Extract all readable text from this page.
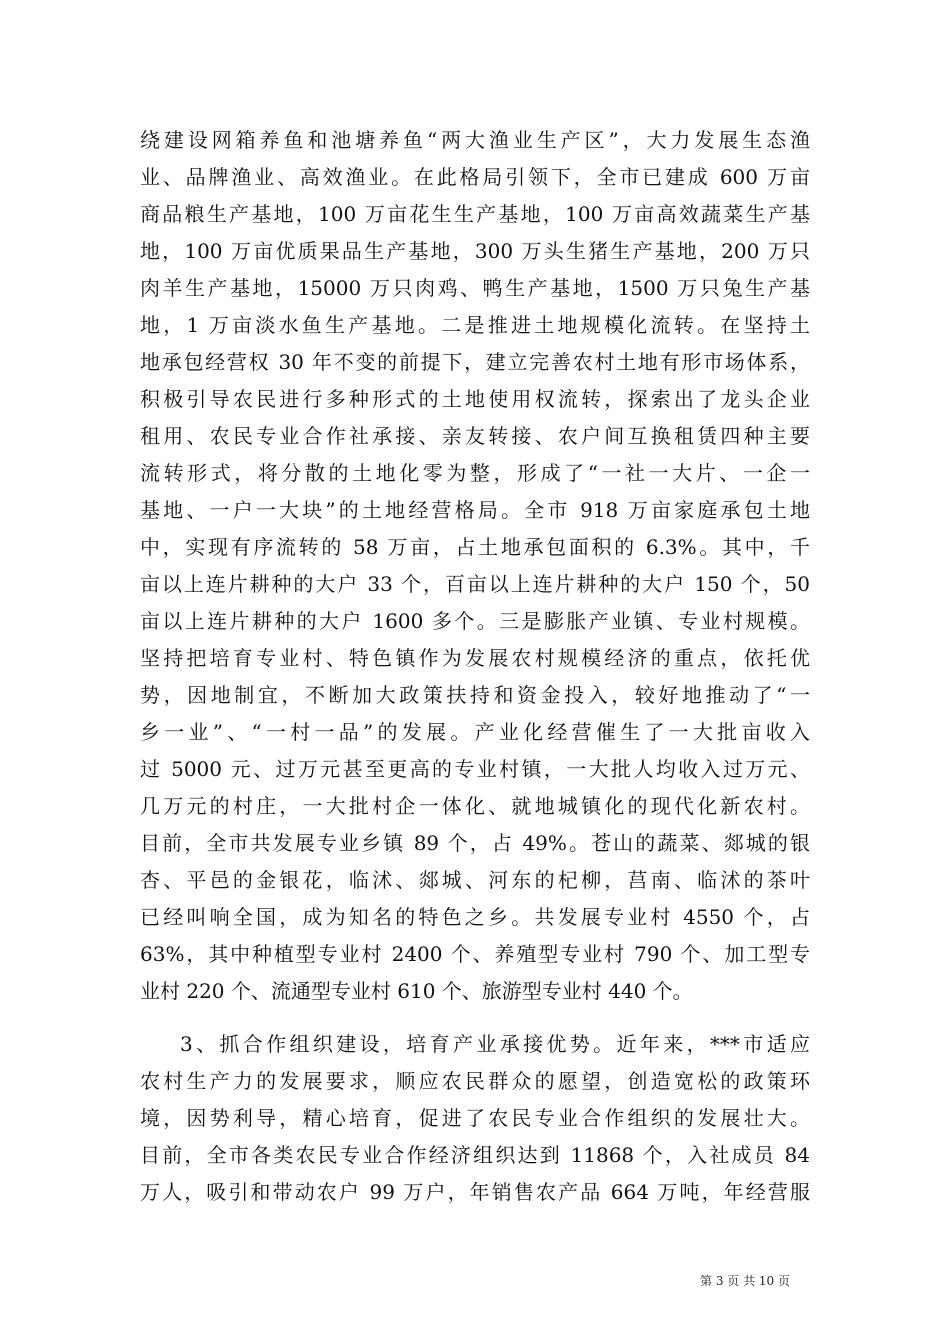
绕建设网箱养鱼和池塘养鱼“两大渔业生产区”，大力发展生态渔
业、品牌渔业、高效渔业。在此格局引领下，全市已建成 600 万亩
商品粮生产基地，100 万亩花生生产基地，100 万亩高效蔬菜生产基
地，100 万亩优质果品生产基地，300 万头生猪生产基地，200 万只
肉羊生产基地，15000 万只肉鸡、鸭生产基地，1500 万只兔生产基
地，1 万亩淡水鱼生产基地。二是推进土地规模化流转。在坚持土
地承包经营权 30 年不变的前提下，建立完善农村土地有形市场体系，
积极引导农民进行多种形式的土地使用权流转，探索出了龙头企业
租用、农民专业合作社承接、亲友转接、农户间互换租赁四种主要
流转形式，将分散的土地化零为整，形成了“一社一大片、一企一
基地、一户一大块”的土地经营格局。全市 918 万亩家庭承包土地
中，实现有序流转的 58 万亩，占土地承包面积的 6.3%。其中，千
亩以上连片耕种的大户 33 个，百亩以上连片耕种的大户 150 个，50
亩以上连片耕种的大户 1600 多个。三是膨胀产业镇、专业村规模。
坚持把培育专业村、特色镇作为发展农村规模经济的重点，依托优
势，因地制宜，不断加大政策扶持和资金投入，较好地推动了“一
乡一业”、“一村一品”的发展。产业化经营催生了一大批亩收入
过 5000 元、过万元甚至更高的专业村镇，一大批人均收入过万元、
几万元的村庄，一大批村企一体化、就地城镇化的现代化新农村。
目前，全市共发展专业乡镇 89 个，占 49%。苍山的蔬菜、郯城的银
杏、平邑的金银花，临沭、郯城、河东的杞柳，莒南、临沭的茶叶
已经叫响全国，成为知名的特色之乡。共发展专业村 4550 个，占
63%，其中种植型专业村 2400 个、养殖型专业村 790 个、加工型专
业村 220 个、流通型专业村 610 个、旅游型专业村 440 个。
3、抓合作组织建设，培育产业承接优势。近年来，***市适应
农村生产力的发展要求，顺应农民群众的愿望，创造宽松的政策环
境，因势利导，精心培育，促进了农民专业合作组织的发展壮大。
目前，全市各类农民专业合作经济组织达到 11868 个，入社成员 84
万人，吸引和带动农户 99 万户，年销售农产品 664 万吨，年经营服
第 3 页 共 10 页
